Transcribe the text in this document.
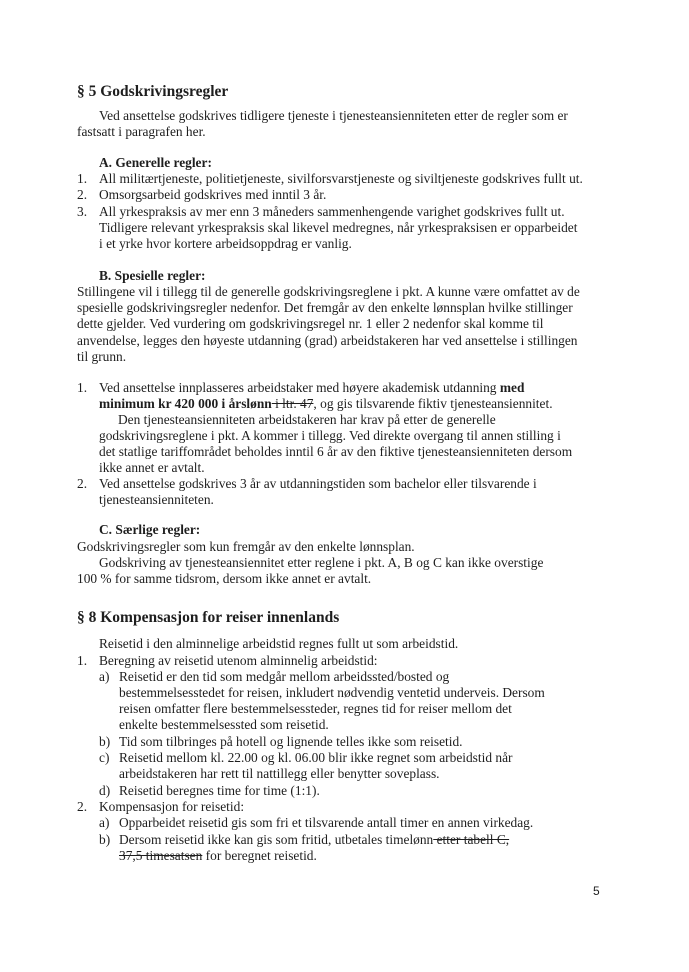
§ 5 Godskrivingsregler
Ved ansettelse godskrives tidligere tjeneste i tjenesteansienniteten etter de regler som er
fastsatt i paragrafen her.
A. Generelle regler:
1. All militærtjeneste, politietjeneste, sivilforsvarstjeneste og siviltjeneste godskrives fullt ut.
2. Omsorgsarbeid godskrives med inntil 3 år.
3. All yrkespraksis av mer enn 3 måneders sammenhengende varighet godskrives fullt ut.
Tidligere relevant yrkespraksis skal likevel medregnes, når yrkespraksisen er opparbeidet
i et yrke hvor kortere arbeidsoppdrag er vanlig.
B. Spesielle regler:
Stillingene vil i tillegg til de generelle godskrivingsreglene i pkt. A kunne være omfattet av de
spesielle godskrivingsregler nedenfor. Det fremgår av den enkelte lønnsplan hvilke stillinger
dette gjelder. Ved vurdering om godskrivingsregel nr. 1 eller 2 nedenfor skal komme til
anvendelse, legges den høyeste utdanning (grad) arbeidstakeren har ved ansettelse i stillingen
til grunn.
1. Ved ansettelse innplasseres arbeidstaker med høyere akademisk utdanning med
minimum kr 420 000 i årslønn i ltr. 47, og gis tilsvarende fiktiv tjenesteansiennitet.
Den tjenesteansienniteten arbeidstakeren har krav på etter de generelle
godskrivingsreglene i pkt. A kommer i tillegg. Ved direkte overgang til annen stilling i
det statlige tariffområdet beholdes inntil 6 år av den fiktive tjenesteansienniteten dersom
ikke annet er avtalt.
2. Ved ansettelse godskrives 3 år av utdanningstiden som bachelor eller tilsvarende i
tjenesteansienniteten.
C. Særlige regler:
Godskrivingsregler som kun fremgår av den enkelte lønnsplan.
Godskriving av tjenesteansiennitet etter reglene i pkt. A, B og C kan ikke overstige
100 % for samme tidsrom, dersom ikke annet er avtalt.
§ 8 Kompensasjon for reiser innenlands
Reisetid i den alminnelige arbeidstid regnes fullt ut som arbeidstid.
1. Beregning av reisetid utenom alminnelig arbeidstid:
a) Reisetid er den tid som medgår mellom arbeidssted/bosted og
bestemmelsesstedet for reisen, inkludert nødvendig ventetid underveis. Dersom
reisen omfatter flere bestemmelsessteder, regnes tid for reiser mellom det
enkelte bestemmelsessted som reisetid.
b) Tid som tilbringes på hotell og lignende telles ikke som reisetid.
c) Reisetid mellom kl. 22.00 og kl. 06.00 blir ikke regnet som arbeidstid når
arbeidstakeren har rett til nattillegg eller benytter soveplass.
d) Reisetid beregnes time for time (1:1).
2. Kompensasjon for reisetid:
a) Opparbeidet reisetid gis som fri et tilsvarende antall timer en annen virkedag.
b) Dersom reisetid ikke kan gis som fritid, utbetales timelønn etter tabell C,
37,5 timesatsen for beregnet reisetid.
5
